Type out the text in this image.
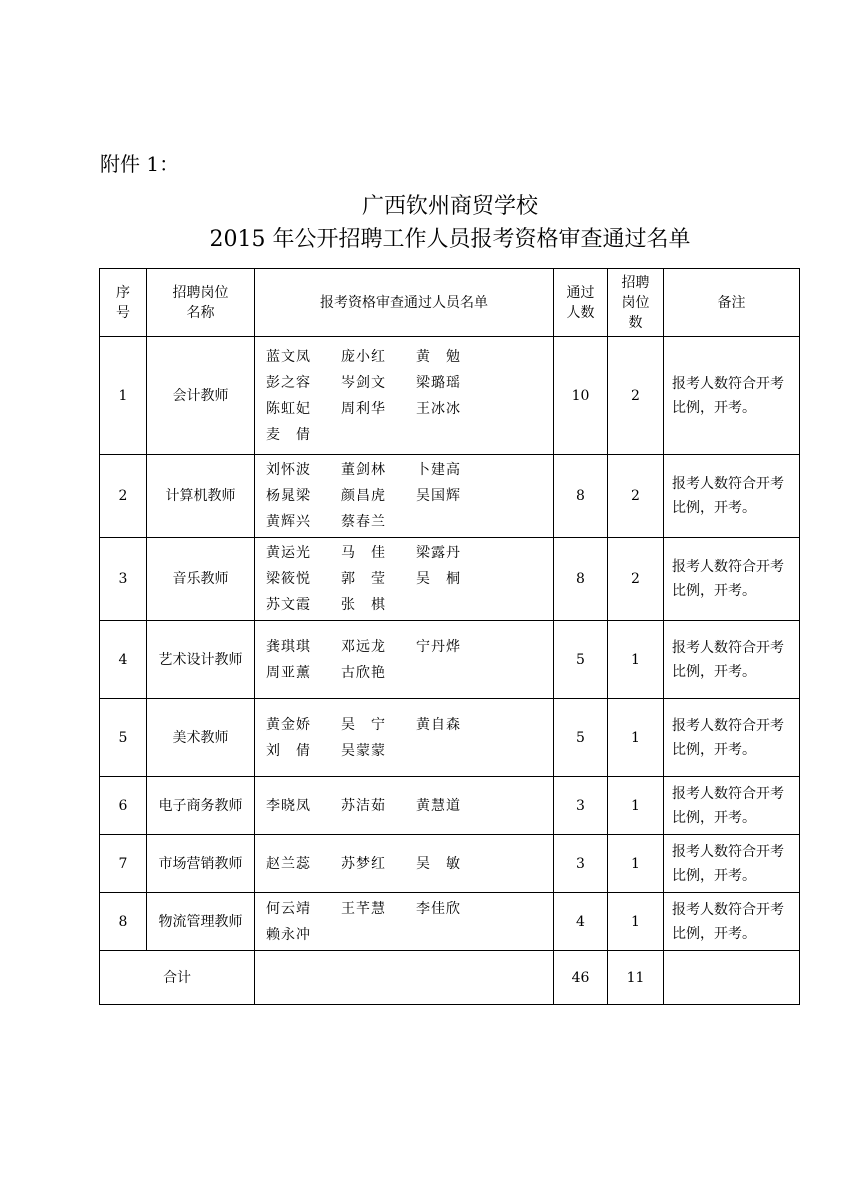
附件 1：
广西钦州商贸学校
2015 年公开招聘工作人员报考资格审查通过名单
序号	招聘岗位名称	报考资格审查通过人员名单	通过人数	招聘岗位数	备注
1	会计教师	蓝文凤 庞小红 黄　勉彭之容 岑剑文 梁璐瑶陈虹妃 周利华 王冰冰麦　倩	10	2	报考人数符合开考比例，开考。
2	计算机教师	刘怀波 董剑林 卜建高杨晁梁 颜昌虎 吴国辉黄辉兴 蔡春兰	8	2	报考人数符合开考比例，开考。
3	音乐教师	黄运光 马　佳 梁露丹梁筱悦 郭　莹 吴　桐苏文霞 张　棋	8	2	报考人数符合开考比例，开考。
4	艺术设计教师	龚琪琪 邓远龙 宁丹烨周亚薰 古欣艳	5	1	报考人数符合开考比例，开考。
5	美术教师	黄金娇 吴　宁 黄自森刘　倩 吴蒙蒙	5	1	报考人数符合开考比例，开考。
6	电子商务教师	李晓凤 苏洁茹 黄慧道	3	1	报考人数符合开考比例，开考。
7	市场营销教师	赵兰蕊 苏梦红 吴　敏	3	1	报考人数符合开考比例，开考。
8	物流管理教师	何云靖 王芊慧 李佳欣赖永冲	4	1	报考人数符合开考比例，开考。
合计			46	11	
